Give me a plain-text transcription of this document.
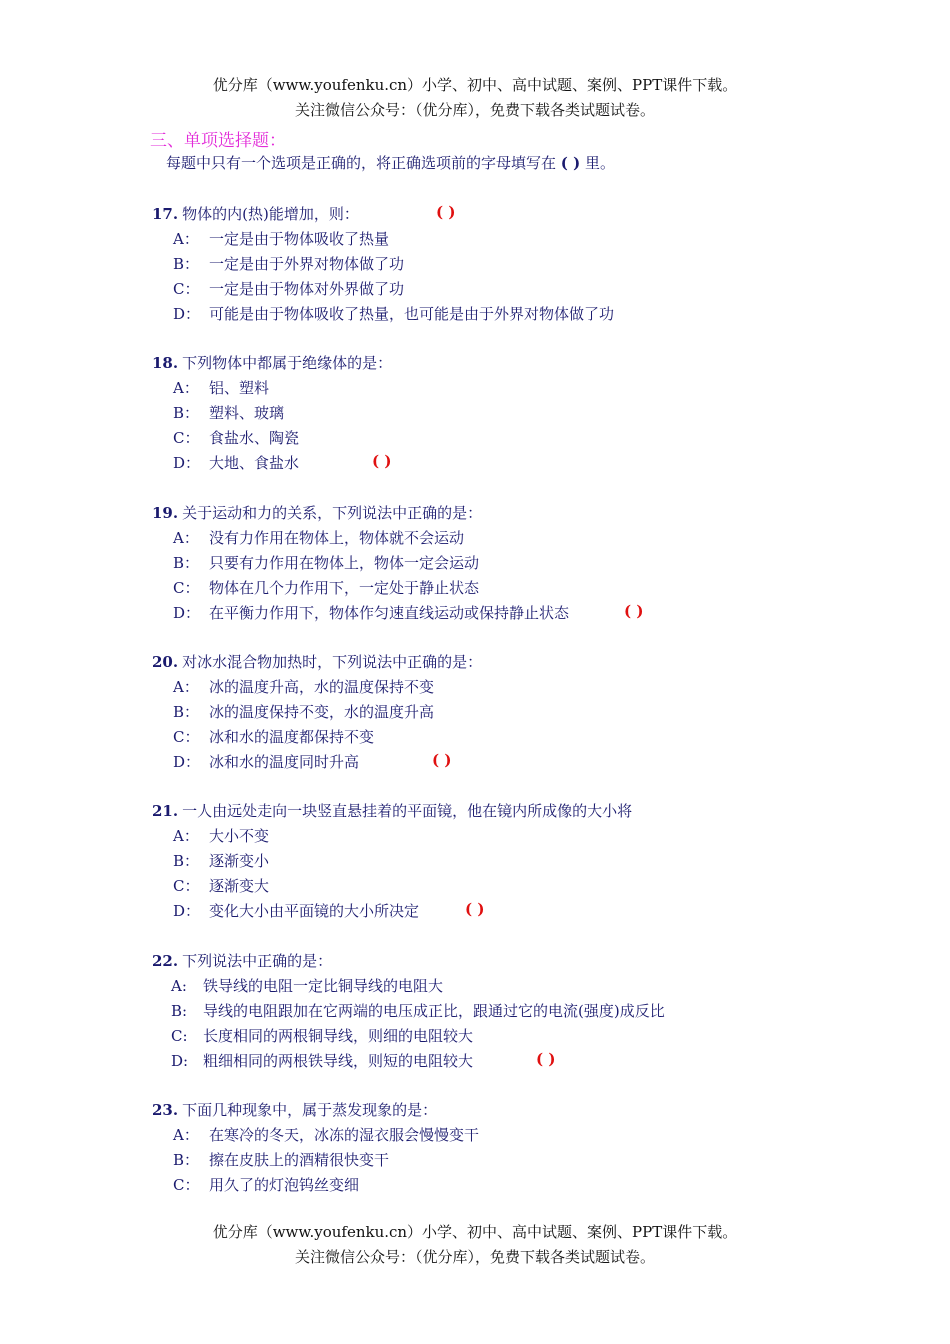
优分库（www.youfenku.cn）小学、初中、高中试题、案例、PPT课件下载。
关注微信公众号：（优分库），免费下载各类试题试卷。
三、单项选择题：
每题中只有一个选项是正确的，将正确选项前的字母填写在 ( ) 里。
17. 物体的内(热)能增加，则：	( )
A： 一定是由于物体吸收了热量
B： 一定是由于外界对物体做了功
C： 一定是由于物体对外界做了功
D： 可能是由于物体吸收了热量，也可能是由于外界对物体做了功
18. 下列物体中都属于绝缘体的是：
A： 铝、塑料
B： 塑料、玻璃
C： 食盐水、陶瓷
D： 大地、食盐水	( )
19. 关于运动和力的关系，下列说法中正确的是：
A： 没有力作用在物体上，物体就不会运动
B： 只要有力作用在物体上，物体一定会运动
C： 物体在几个力作用下，一定处于静止状态
D： 在平衡力作用下，物体作匀速直线运动或保持静止状态	( )
20. 对冰水混合物加热时，下列说法中正确的是：
A： 冰的温度升高，水的温度保持不变
B： 冰的温度保持不变，水的温度升高
C： 冰和水的温度都保持不变
D： 冰和水的温度同时升高	( )
21. 一人由远处走向一块竖直悬挂着的平面镜，他在镜内所成像的大小将
A： 大小不变
B： 逐渐变小
C： 逐渐变大
D： 变化大小由平面镜的大小所决定	( )
22. 下列说法中正确的是：
A: 铁导线的电阻一定比铜导线的电阻大
B: 导线的电阻跟加在它两端的电压成正比，跟通过它的电流(强度)成反比
C: 长度相同的两根铜导线，则细的电阻较大
D: 粗细相同的两根铁导线，则短的电阻较大	( )
23. 下面几种现象中，属于蒸发现象的是：
A： 在寒冷的冬天，冰冻的湿衣服会慢慢变干
B： 擦在皮肤上的酒精很快变干
C： 用久了的灯泡钨丝变细
优分库（www.youfenku.cn）小学、初中、高中试题、案例、PPT课件下载。
关注微信公众号：（优分库），免费下载各类试题试卷。
